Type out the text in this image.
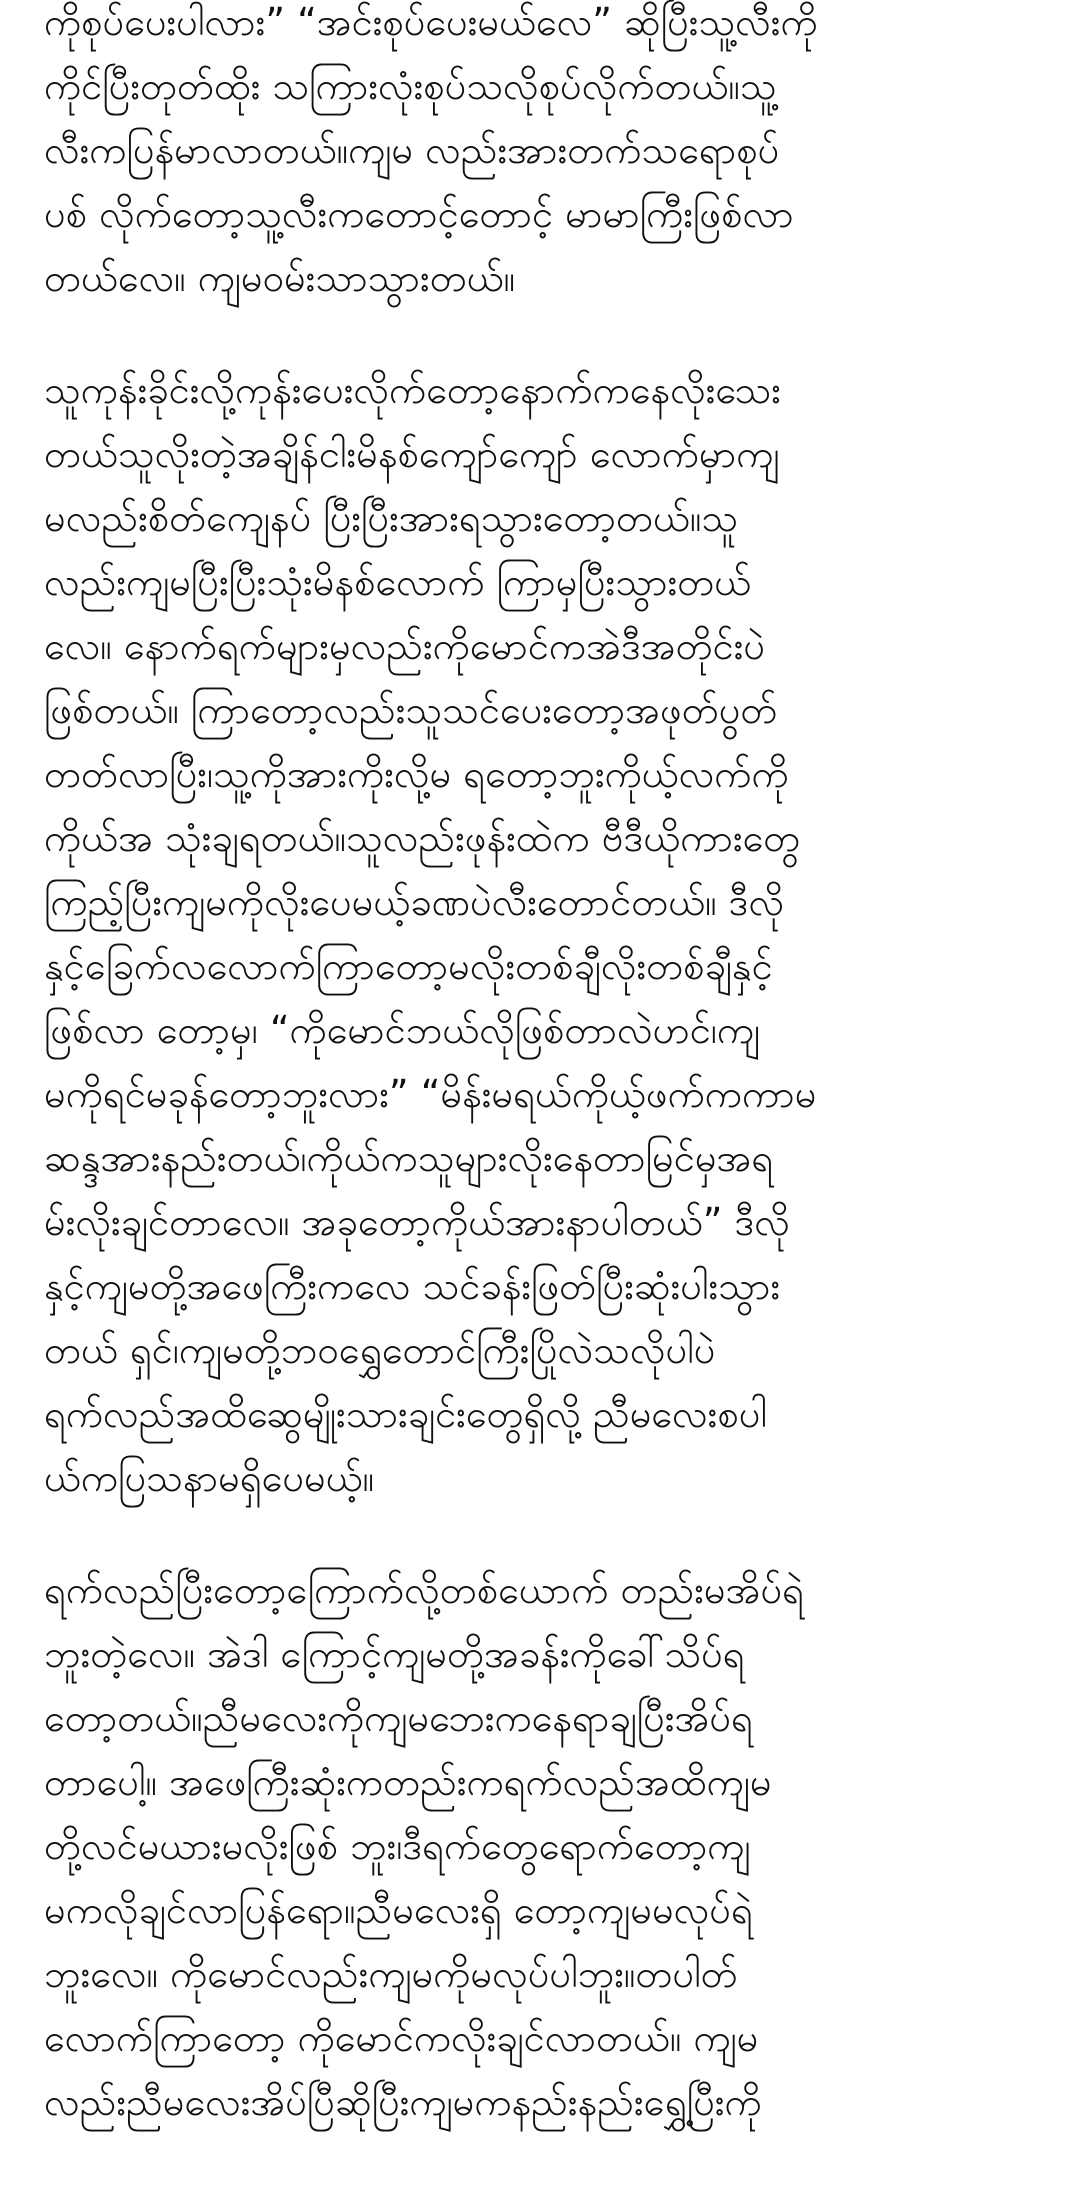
ကိုစုပ်ပေးပါလား” “အင်းစုပ်ပေးမယ်လေ” ဆိုပြီးသူ့လီးကို
ကိုင်ပြီးတုတ်ထိုး သကြားလုံးစုပ်သလိုစုပ်လိုက်တယ်။သူ့
လီးကပြန်မာလာတယ်။ကျမ လည်းအားတက်သရောစုပ်
ပစ် လိုက်တော့သူ့လီးကတောင့်တောင့် မာမာကြီးဖြစ်လာ
တယ်လေ။ ကျမဝမ်းသာသွားတယ်။

သူကုန်းခိုင်းလို့ကုန်းပေးလိုက်တော့နောက်ကနေလိုးသေး
တယ်သူလိုးတဲ့အချိန်ငါးမိနစ်ကျော်ကျော် လောက်မှာကျ
မလည်းစိတ်ကျေနပ် ပြီးပြီးအားရသွားတော့တယ်။သူ
လည်းကျမပြီးပြီးသုံးမိနစ်လောက် ကြာမှပြီးသွားတယ်
လေ။ နောက်ရက်များမှလည်းကိုမောင်ကအဲဒီအတိုင်းပဲ
ဖြစ်တယ်။ ကြာတော့လည်းသူသင်ပေးတော့အဖုတ်ပွတ်
တတ်လာပြီး၊သူ့ကိုအားကိုးလို့မ ရတော့ဘူးကိုယ့်လက်ကို
ကိုယ်အ သုံးချရတယ်။သူလည်းဖုန်းထဲက ဗီဒီယိုကားတွေ
ကြည့်ပြီးကျမကိုလိုးပေမယ့်ခဏပဲလီးတောင်တယ်။ ဒီလို
နှင့်ခြေက်လလောက်ကြာတော့မလိုးတစ်ချီလိုးတစ်ချီနှင့်
ဖြစ်လာ တော့မှ၊ “ကိုမောင်ဘယ်လိုဖြစ်တာလဲဟင်၊ကျ
မကိုရင်မခုန်တော့ဘူးလား” “မိန်းမရယ်ကိုယ့်ဖက်ကကာမ
ဆန္ဒအားနည်းတယ်၊ကိုယ်ကသူများလိုးနေတာမြင်မှအရ
မ်းလိုးချင်တာလေ။ အခုတော့ကိုယ်အားနာပါတယ်” ဒီလို
နှင့်ကျမတို့အဖေကြီးကလေ သင်ခန်းဖြတ်ပြီးဆုံးပါးသွား
တယ် ရှင်၊ကျမတို့ဘဝရွှေတောင်ကြီးပြိုလဲသလိုပါပဲ
ရက်လည်အထိဆွေမျိုးသားချင်းတွေရှိလို့ ညီမလေးစပါ
ယ်ကပြသနာမရှိပေမယ့်။

ရက်လည်ပြီးတော့ကြောက်လို့တစ်ယောက် တည်းမအိပ်ရဲ
ဘူးတဲ့လေ။ အဲဒါ ကြောင့်ကျမတို့အခန်းကိုခေါ်သိပ်ရ
တော့တယ်။ညီမလေးကိုကျမဘေးကနေရာချပြီးအိပ်ရ
တာပေါ့။ အဖေကြီးဆုံးကတည်းကရက်လည်အထိကျမ
တို့လင်မယားမလိုးဖြစ် ဘူး၊ဒီရက်တွေရောက်တော့ကျ
မကလိုချင်လာပြန်ရော။ညီမလေးရှိ တော့ကျမမလုပ်ရဲ
ဘူးလေ။ ကိုမောင်လည်းကျမကိုမလုပ်ပါဘူး။တပါတ်
လောက်ကြာတော့ ကိုမောင်ကလိုးချင်လာတယ်။ ကျမ
လည်းညီမလေးအိပ်ပြီဆိုပြီးကျမကနည်းနည်းရွှေ့ပြီးကို
